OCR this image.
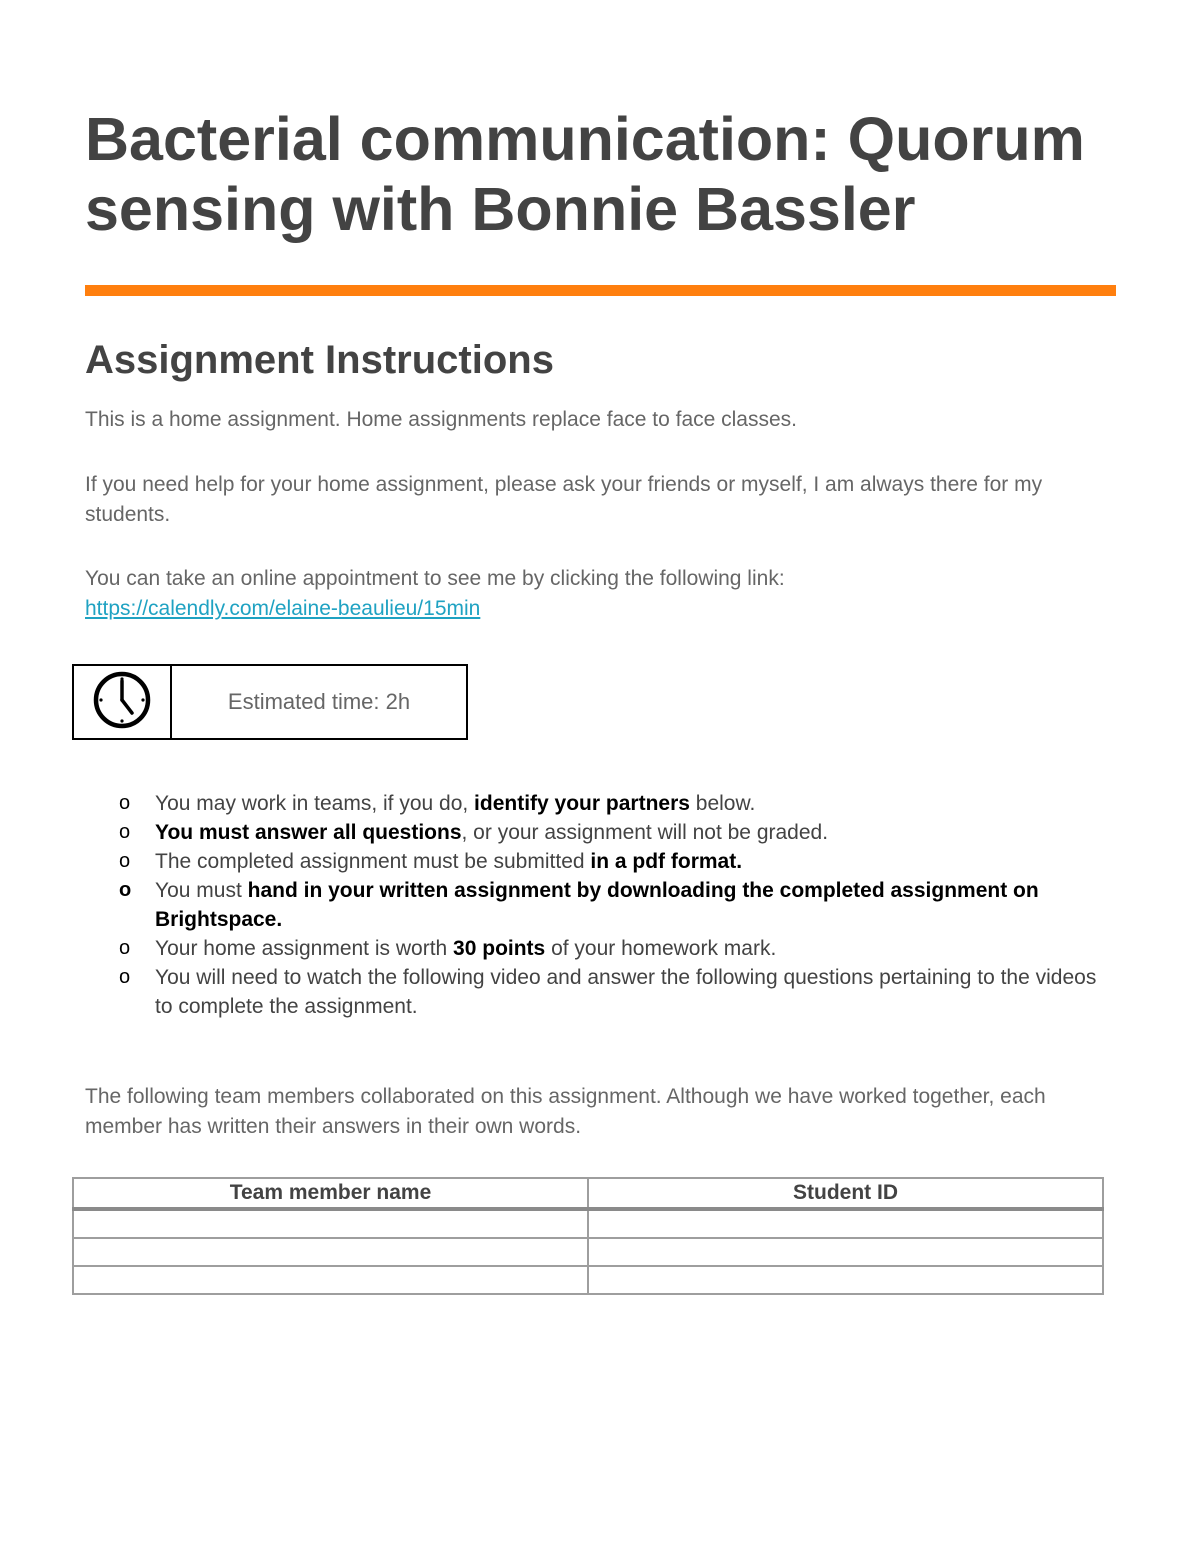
Bacterial communication: Quorum sensing with Bonnie Bassler
Assignment Instructions

This is a home assignment. Home assignments replace face to face classes.

If you need help for your home assignment, please ask your friends or myself, I am always there for my students.

You can take an online appointment to see me by clicking the following link:
https://calendly.com/elaine-beaulieu/15min

Estimated time: 2h
o You may work in teams, if you do, identify your partners below.
o You must answer all questions, or your assignment will not be graded.
o The completed assignment must be submitted in a pdf format.
o You must hand in your written assignment by downloading the completed assignment on Brightspace.
o Your home assignment is worth 30 points of your homework mark.
o You will need to watch the following video and answer the following questions pertaining to the videos to complete the assignment.

The following team members collaborated on this assignment. Although we have worked together, each member has written their answers in their own words.

Team member name	Student ID
